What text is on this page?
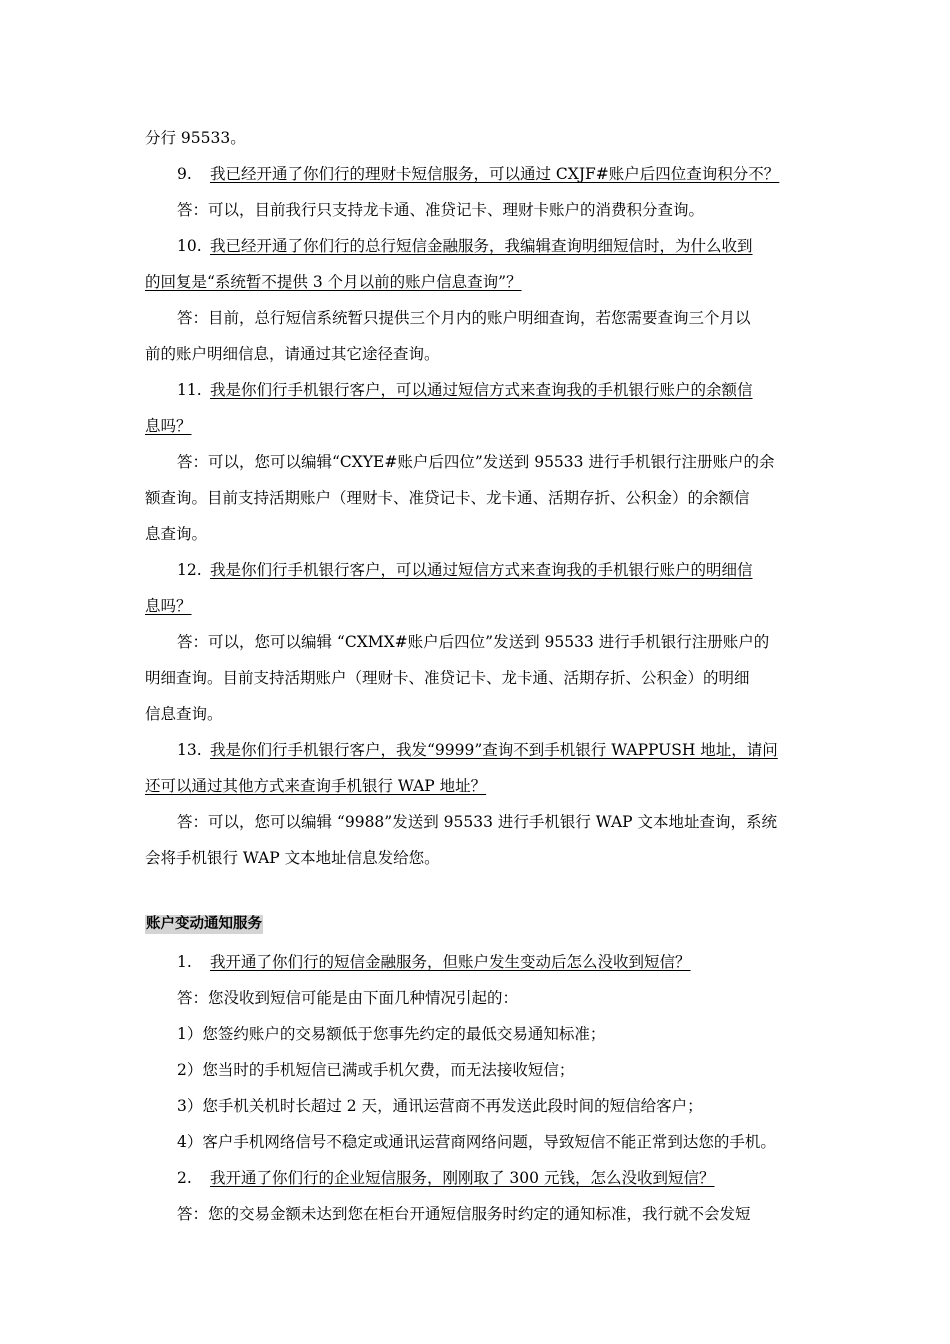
分行 95533。
9. 我已经开通了你们行的理财卡短信服务，可以通过 CXJF#账户后四位查询积分不？
答：可以，目前我行只支持龙卡通、准贷记卡、理财卡账户的消费积分查询。
10. 我已经开通了你们行的总行短信金融服务，我编辑查询明细短信时，为什么收到
的回复是“系统暂不提供 3 个月以前的账户信息查询”？
答：目前，总行短信系统暂只提供三个月内的账户明细查询，若您需要查询三个月以
前的账户明细信息，请通过其它途径查询。
11. 我是你们行手机银行客户，可以通过短信方式来查询我的手机银行账户的余额信
息吗？
答：可以，您可以编辑“CXYE#账户后四位”发送到 95533 进行手机银行注册账户的余
额查询。目前支持活期账户（理财卡、准贷记卡、龙卡通、活期存折、公积金）的余额信
息查询。
12. 我是你们行手机银行客户，可以通过短信方式来查询我的手机银行账户的明细信
息吗？
答：可以，您可以编辑 “CXMX#账户后四位”发送到 95533 进行手机银行注册账户的
明细查询。目前支持活期账户（理财卡、准贷记卡、龙卡通、活期存折、公积金）的明细
信息查询。
13. 我是你们行手机银行客户，我发“9999”查询不到手机银行 WAPPUSH 地址，请问
还可以通过其他方式来查询手机银行 WAP 地址？
答：可以，您可以编辑 “9988”发送到 95533 进行手机银行 WAP 文本地址查询，系统
会将手机银行 WAP 文本地址信息发给您。
账户变动通知服务
1. 我开通了你们行的短信金融服务，但账户发生变动后怎么没收到短信？
答：您没收到短信可能是由下面几种情况引起的：
1）您签约账户的交易额低于您事先约定的最低交易通知标准；
2）您当时的手机短信已满或手机欠费，而无法接收短信；
3）您手机关机时长超过 2 天，通讯运营商不再发送此段时间的短信给客户；
4）客户手机网络信号不稳定或通讯运营商网络问题，导致短信不能正常到达您的手机。
2. 我开通了你们行的企业短信服务，刚刚取了 300 元钱，怎么没收到短信？
答：您的交易金额未达到您在柜台开通短信服务时约定的通知标准，我行就不会发短
